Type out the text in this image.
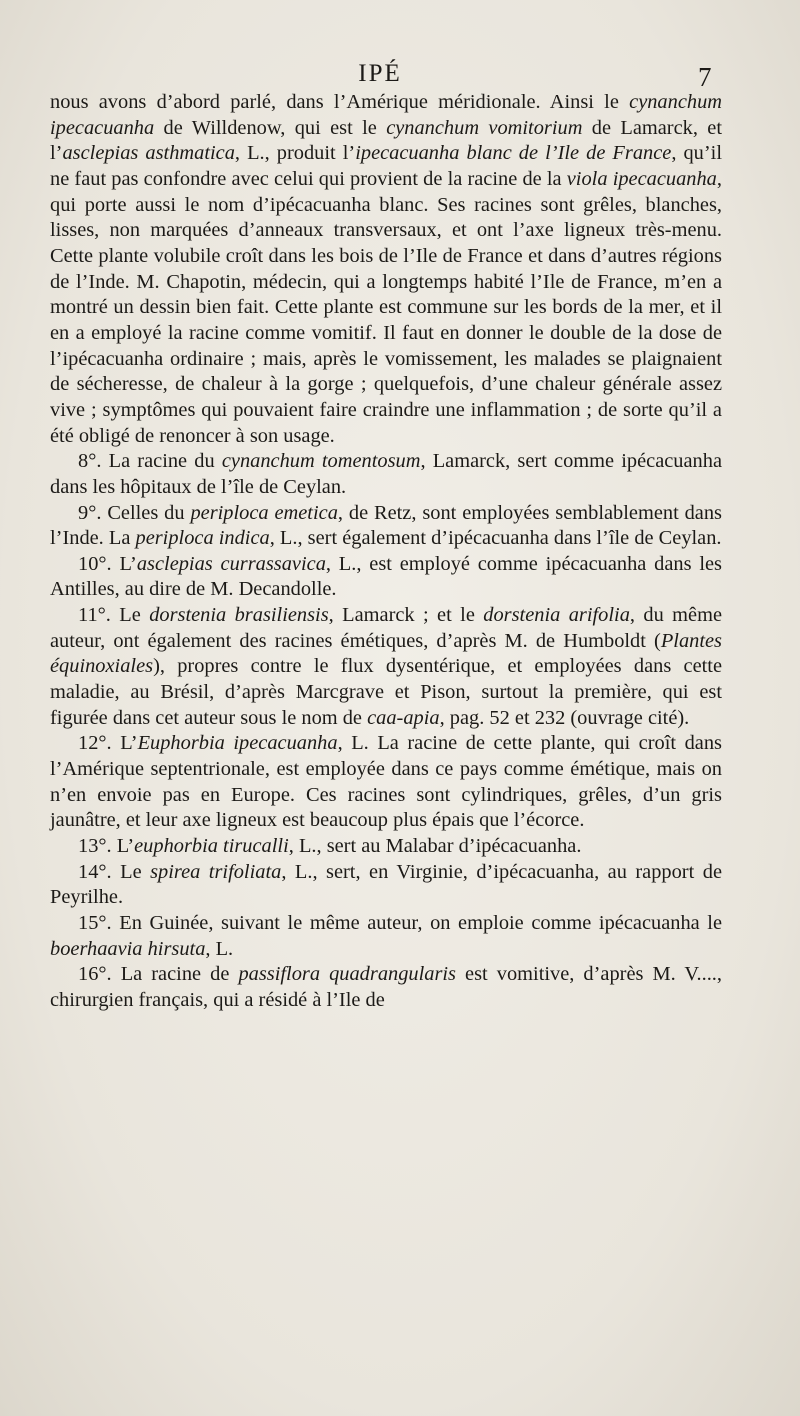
IPÉ	7

nous avons d’abord parlé, dans l’Amérique méridionale. Ainsi le cynanchum ipecacuanha de Willdenow, qui est le cynanchum vomitorium de Lamarck, et l’asclepias asthmatica, L., produit l’ipecacuanha blanc de l’Ile de France, qu’il ne faut pas confondre avec celui qui provient de la racine de la viola ipecacuanha, qui porte aussi le nom d’ipécacuanha blanc. Ses racines sont grêles, blanches, lisses, non marquées d’anneaux transversaux, et ont l’axe ligneux très-menu. Cette plante volubile croît dans les bois de l’Ile de France et dans d’autres régions de l’Inde. M. Chapotin, médecin, qui a longtemps habité l’Ile de France, m’en a montré un dessin bien fait. Cette plante est commune sur les bords de la mer, et il en a employé la racine comme vomitif. Il faut en donner le double de la dose de l’ipécacuanha ordinaire ; mais, après le vomissement, les malades se plaignaient de sécheresse, de chaleur à la gorge ; quelquefois, d’une chaleur générale assez vive ; symptômes qui pouvaient faire craindre une inflammation ; de sorte qu’il a été obligé de renoncer à son usage.

8°. La racine du cynanchum tomentosum, Lamarck, sert comme ipécacuanha dans les hôpitaux de l’île de Ceylan.

9°. Celles du periploca emetica, de Retz, sont employées semblablement dans l’Inde. La periploca indica, L., sert également d’ipécacuanha dans l’île de Ceylan.

10°. L’asclepias currassavica, L., est employé comme ipécacuanha dans les Antilles, au dire de M. Decandolle.

11°. Le dorstenia brasiliensis, Lamarck ; et le dorstenia arifolia, du même auteur, ont également des racines émétiques, d’après M. de Humboldt (Plantes équinoxiales), propres contre le flux dysentérique, et employées dans cette maladie, au Brésil, d’après Marcgrave et Pison, surtout la première, qui est figurée dans cet auteur sous le nom de caa-apia, pag. 52 et 232 (ouvrage cité).

12°. L’Euphorbia ipecacuanha, L. La racine de cette plante, qui croît dans l’Amérique septentrionale, est employée dans ce pays comme émétique, mais on n’en envoie pas en Europe. Ces racines sont cylindriques, grêles, d’un gris jaunâtre, et leur axe ligneux est beaucoup plus épais que l’écorce.

13°. L’euphorbia tirucalli, L., sert au Malabar d’ipécacuanha.

14°. Le spirea trifoliata, L., sert, en Virginie, d’ipécacuanha, au rapport de Peyrilhe.

15°. En Guinée, suivant le même auteur, on emploie comme ipécacuanha le boerhaavia hirsuta, L.

16°. La racine de passiflora quadrangularis est vomitive, d’après M. V...., chirurgien français, qui a résidé à l’Ile de
